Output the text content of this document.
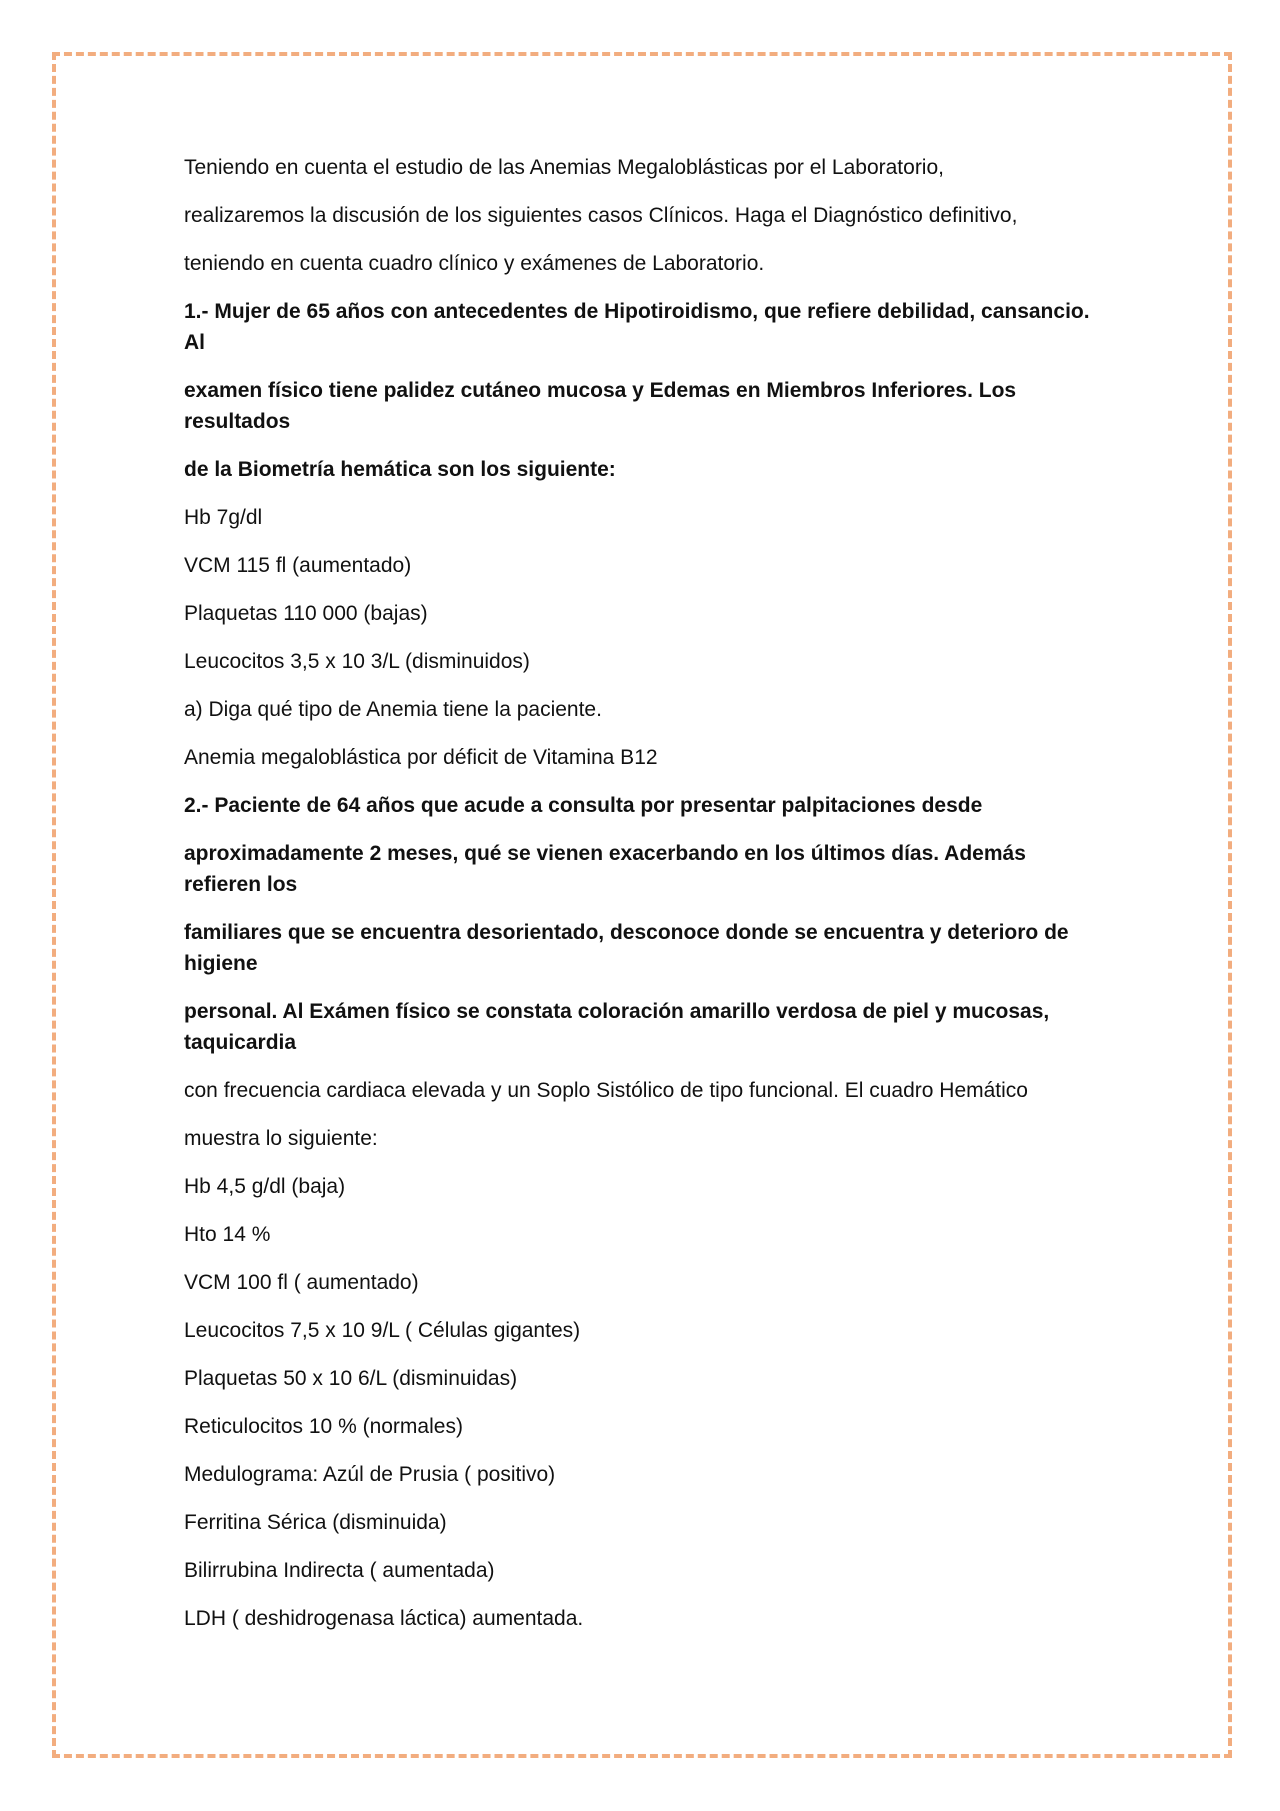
Teniendo en cuenta el estudio de las Anemias Megaloblásticas por el Laboratorio,

realizaremos la discusión de los siguientes casos Clínicos. Haga el Diagnóstico definitivo,

teniendo en cuenta cuadro clínico y exámenes de Laboratorio.

1.- Mujer de 65 años con antecedentes de Hipotiroidismo, que refiere debilidad, cansancio. Al

examen físico tiene palidez cutáneo mucosa y Edemas en Miembros Inferiores. Los resultados

de la Biometría hemática son los siguiente:

Hb 7g/dl

VCM 115 fl (aumentado)

Plaquetas 110 000 (bajas)

Leucocitos 3,5 x 10 3/L (disminuidos)

a) Diga qué tipo de Anemia tiene la paciente.

Anemia megaloblástica por déficit de Vitamina B12

2.- Paciente de 64 años que acude a consulta por presentar palpitaciones desde

aproximadamente 2 meses, qué se vienen exacerbando en los últimos días. Además refieren los

familiares que se encuentra desorientado, desconoce donde se encuentra y deterioro de higiene

personal. Al Exámen físico se constata coloración amarillo verdosa de piel y mucosas, taquicardia

con frecuencia cardiaca elevada y un Soplo Sistólico de tipo funcional. El cuadro Hemático

muestra lo siguiente:

Hb 4,5 g/dl (baja)

Hto 14 %

VCM 100 fl ( aumentado)

Leucocitos 7,5 x 10 9/L ( Células gigantes)

Plaquetas 50 x 10 6/L (disminuidas)

Reticulocitos 10 % (normales)

Medulograma: Azúl de Prusia ( positivo)

Ferritina Sérica (disminuida)

Bilirrubina Indirecta ( aumentada)

LDH ( deshidrogenasa láctica) aumentada.
